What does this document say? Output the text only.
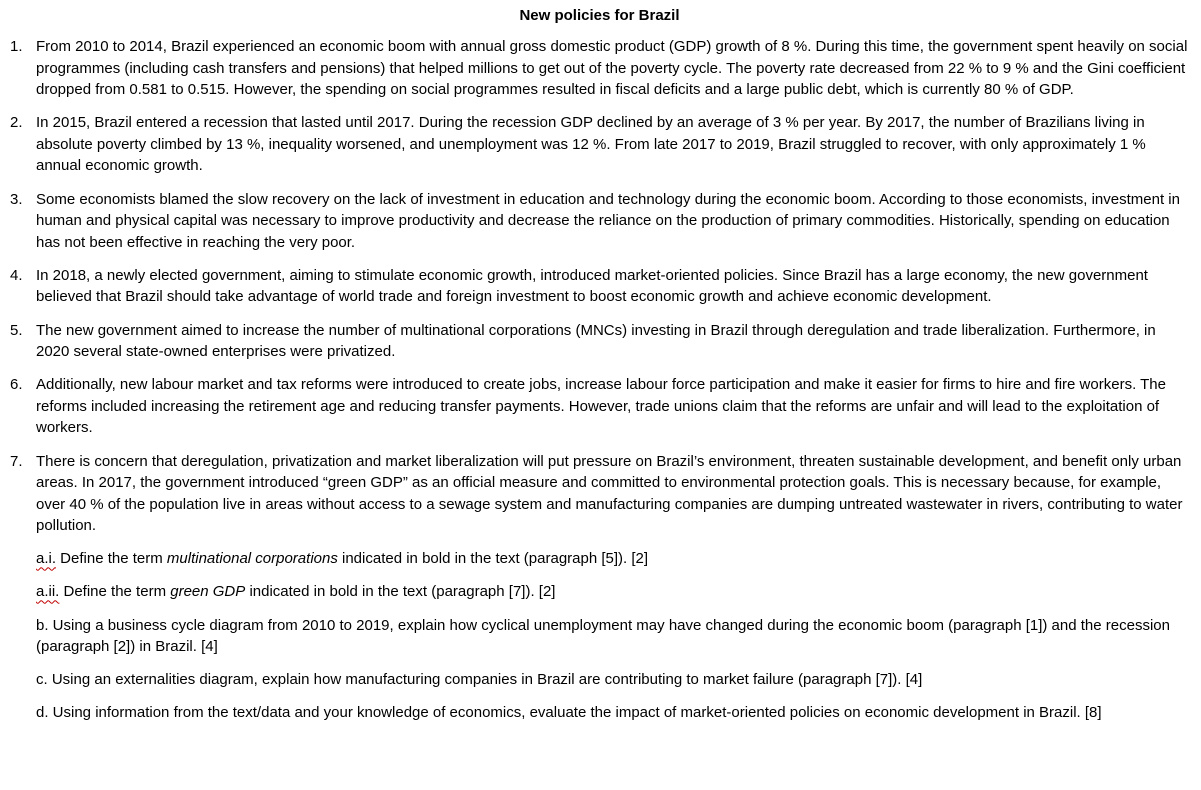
New policies for Brazil
1. From 2010 to 2014, Brazil experienced an economic boom with annual gross domestic product (GDP) growth of 8 %. During this time, the government spent heavily on social programmes (including cash transfers and pensions) that helped millions to get out of the poverty cycle. The poverty rate decreased from 22 % to 9 % and the Gini coefficient dropped from 0.581 to 0.515. However, the spending on social programmes resulted in fiscal deficits and a large public debt, which is currently 80 % of GDP.
2. In 2015, Brazil entered a recession that lasted until 2017. During the recession GDP declined by an average of 3 % per year. By 2017, the number of Brazilians living in absolute poverty climbed by 13 %, inequality worsened, and unemployment was 12 %. From late 2017 to 2019, Brazil struggled to recover, with only approximately 1 % annual economic growth.
3. Some economists blamed the slow recovery on the lack of investment in education and technology during the economic boom. According to those economists, investment in human and physical capital was necessary to improve productivity and decrease the reliance on the production of primary commodities. Historically, spending on education has not been effective in reaching the very poor.
4. In 2018, a newly elected government, aiming to stimulate economic growth, introduced market-oriented policies. Since Brazil has a large economy, the new government believed that Brazil should take advantage of world trade and foreign investment to boost economic growth and achieve economic development.
5. The new government aimed to increase the number of multinational corporations (MNCs) investing in Brazil through deregulation and trade liberalization. Furthermore, in 2020 several state-owned enterprises were privatized.
6. Additionally, new labour market and tax reforms were introduced to create jobs, increase labour force participation and make it easier for firms to hire and fire workers. The reforms included increasing the retirement age and reducing transfer payments. However, trade unions claim that the reforms are unfair and will lead to the exploitation of workers.
7. There is concern that deregulation, privatization and market liberalization will put pressure on Brazil’s environment, threaten sustainable development, and benefit only urban areas. In 2017, the government introduced “green GDP” as an official measure and committed to environmental protection goals. This is necessary because, for example, over 40 % of the population live in areas without access to a sewage system and manufacturing companies are dumping untreated wastewater in rivers, contributing to water pollution.
a.i. Define the term multinational corporations indicated in bold in the text (paragraph [5]). [2]
a.ii. Define the term green GDP indicated in bold in the text (paragraph [7]). [2]
b. Using a business cycle diagram from 2010 to 2019, explain how cyclical unemployment may have changed during the economic boom (paragraph [1]) and the recession (paragraph [2]) in Brazil. [4]
c. Using an externalities diagram, explain how manufacturing companies in Brazil are contributing to market failure (paragraph [7]). [4]
d. Using information from the text/data and your knowledge of economics, evaluate the impact of market-oriented policies on economic development in Brazil. [8]
